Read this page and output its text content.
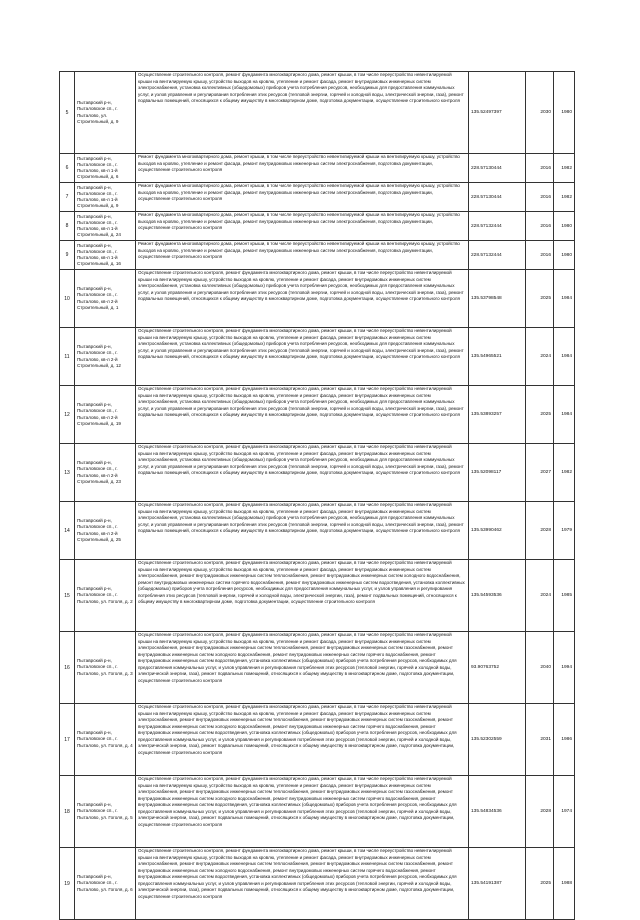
5	Пытаврский р-н, Пыталовское сп., г. Пыталово, ул. Строительный, д. 9	Осуществление строительного контроля, ремонт фундамента многоквартирного дома, ремонт крыши, в том числе переустройство невентилируемой крыши на вентилируемую крышу, устройство выходов на кровлю, утепление и ремонт фасада, ремонт внутридомовых инженерных систем электроснабжения, установка коллективных (общедомовых) приборов учета потребления ресурсов, необходимых для предоставления коммунальных услуг, и узлов управления и регулирования потребления этих ресурсов (тепловой энергии, горячей и холодной воды, электрической энергии, газа), ремонт подвальных помещений, относящихся к общему имуществу в многоквартирном доме, подготовка документации, осуществление строительного контроля	135.52497397	2030	1980
6	Пытаврский р-н, Пыталовское сп., г. Пыталово, кв-л 1-й Строительный, д. 6	Ремонт фундамента многоквартирного дома, ремонт крыши, в том числе переустройство невентилируемой крыши на вентилируемую крышу, устройство выходов на кровлю, утепление и ремонт фасада, ремонт внутридомовых инженерных систем электроснабжения, подготовка документации, осуществление строительного контроля	228.57130444	2016	1982
7	Пытаврский р-н, Пыталовское сп., г. Пыталово, кв-л 1-й Строительный, д. 9	Ремонт фундамента многоквартирного дома, ремонт крыши, в том числе переустройство невентилируемой крыши на вентилируемую крышу, устройство выходов на кровлю, утепление и ремонт фасада, ремонт внутридомовых инженерных систем электроснабжения, подготовка документации, осуществление строительного контроля	228.57130444	2016	1982
8	Пытаврский р-н, Пыталовское сп., г. Пыталово, кв-л 1-й Строительный, д. 24	Ремонт фундамента многоквартирного дома, ремонт крыши, в том числе переустройство невентилируемой крыши на вентилируемую крышу, устройство выходов на кровлю, утепление и ремонт фасада, ремонт внутридомовых инженерных систем электроснабжения, подготовка документации, осуществление строительного контроля	228.57132444	2016	1980
9	Пытаврский р-н, Пыталовское сп., г. Пыталово, кв-л 1-й Строительный, д. 16	Ремонт фундамента многоквартирного дома, ремонт крыши, в том числе переустройство невентилируемой крыши на вентилируемую крышу, устройство выходов на кровлю, утепление и ремонт фасада, ремонт внутридомовых инженерных систем электроснабжения, подготовка документации, осуществление строительного контроля	228.57132444	2016	1980
10	Пытаврский р-н, Пыталовское сп., г. Пыталово, кв-л 2-й Строительный, д. 1	Осуществление строительного контроля, ремонт фундамента многоквартирного дома, ремонт крыши, в том числе переустройство невентилируемой крыши на вентилируемую крышу, устройство выходов на кровлю, утепление и ремонт фасада, ремонт внутридомовых инженерных систем электроснабжения, установка коллективных (общедомовых) приборов учета потребления ресурсов, необходимых для предоставления коммунальных услуг, и узлов управления и регулирования потребления этих ресурсов (тепловой энергии, горячей и холодной воды, электрической энергии, газа), ремонт подвальных помещений, относящихся к общему имуществу в многоквартирном доме, подготовка документации, осуществление строительного контроля	135.53798548	2025	1984
11	Пытаврский р-н, Пыталовское сп., г. Пыталово, кв-л 2-й Строительный, д. 12	Осуществление строительного контроля, ремонт фундамента многоквартирного дома, ремонт крыши, в том числе переустройство невентилируемой крыши на вентилируемую крышу, устройство выходов на кровлю, утепление и ремонт фасада, ремонт внутридомовых инженерных систем электроснабжения, установка коллективных (общедомовых) приборов учета потребления ресурсов, необходимых для предоставления коммунальных услуг, и узлов управления и регулирования потребления этих ресурсов (тепловой энергии, горячей и холодной воды, электрической энергии, газа), ремонт подвальных помещений, относящихся к общему имуществу в многоквартирном доме, подготовка документации, осуществление строительного контроля	135.54965521	2024	1984
12	Пытаврский р-н, Пыталовское сп., г. Пыталово, кв-л 2-й Строительный, д. 19	Осуществление строительного контроля, ремонт фундамента многоквартирного дома, ремонт крыши, в том числе переустройство невентилируемой крыши на вентилируемую крышу, устройство выходов на кровлю, утепление и ремонт фасада, ремонт внутридомовых инженерных систем электроснабжения, установка коллективных (общедомовых) приборов учета потребления ресурсов, необходимых для предоставления коммунальных услуг, и узлов управления и регулирования потребления этих ресурсов (тепловой энергии, горячей и холодной воды, электрической энергии, газа), ремонт подвальных помещений, относящихся к общему имуществу в многоквартирном доме, подготовка документации, осуществление строительного контроля	135.53893257	2025	1984
13	Пытаврский р-н, Пыталовское сп., г. Пыталово, кв-л 2-й Строительный, д. 23	Осуществление строительного контроля, ремонт фундамента многоквартирного дома, ремонт крыши, в том числе переустройство невентилируемой крыши на вентилируемую крышу, устройство выходов на кровлю, утепление и ремонт фасада, ремонт внутридомовых инженерных систем электроснабжения, установка коллективных (общедомовых) приборов учета потребления ресурсов, необходимых для предоставления коммунальных услуг, и узлов управления и регулирования потребления этих ресурсов (тепловой энергии, горячей и холодной воды, электрической энергии, газа), ремонт подвальных помещений, относящихся к общему имуществу в многоквартирном доме, подготовка документации, осуществление строительного контроля	135.52098117	2027	1982
14	Пытаврский р-н, Пыталовское сп., г. Пыталово, кв-л 2-й Строительный, д. 25	Осуществление строительного контроля, ремонт фундамента многоквартирного дома, ремонт крыши, в том числе переустройство невентилируемой крыши на вентилируемую крышу, устройство выходов на кровлю, утепление и ремонт фасада, ремонт внутридомовых инженерных систем электроснабжения, установка коллективных (общедомовых) приборов учета потребления ресурсов, необходимых для предоставления коммунальных услуг, и узлов управления и регулирования потребления этих ресурсов (тепловой энергии, горячей и холодной воды, электрической энергии, газа), ремонт подвальных помещений, относящихся к общему имуществу в многоквартирном доме, подготовка документации, осуществление строительного контроля	135.53990462	2028	1979
15	Пытаврский р-н, Пыталовское сп., г. Пыталово, ул. Гоголя, д. 2	Осуществление строительного контроля, ремонт фундамента многоквартирного дома, ремонт крыши, в том числе переустройство невентилируемой крыши на вентилируемую крышу, устройство выходов на кровлю, утепление и ремонт фасада, ремонт внутридомовых инженерных систем электроснабжения, ремонт внутридомовых инженерных систем теплоснабжения, ремонт внутридомовых инженерных систем холодного водоснабжения, ремонт внутридомовых инженерных систем горячего водоснабжения, ремонт внутридомовых инженерных систем водоотведения, установка коллективных (общедомовых) приборов учета потребления ресурсов, необходимых для предоставления коммунальных услуг, и узлов управления и регулирования потребления этих ресурсов (тепловой энергии, горячей и холодной воды, электрической энергии, газа), ремонт подвальных помещений, относящихся к общему имуществу в многоквартирном доме, подготовка документации, осуществление строительного контроля	135.54593536	2024	1985
16	Пытаврский р-н, Пыталовское сп., г. Пыталово, ул. Гоголя, д. 3	Осуществление строительного контроля, ремонт фундамента многоквартирного дома, ремонт крыши, в том числе переустройство невентилируемой крыши на вентилируемую крышу, устройство выходов на кровлю, утепление и ремонт фасада, ремонт внутридомовых инженерных систем электроснабжения, ремонт внутридомовых инженерных систем теплоснабжения, ремонт внутридомовых инженерных систем газоснабжения, ремонт внутридомовых инженерных систем холодного водоснабжения, ремонт внутридомовых инженерных систем горячего водоснабжения, ремонт внутридомовых инженерных систем водоотведения, установка коллективных (общедомовых) приборов учета потребления ресурсов, необходимых для предоставления коммунальных услуг, и узлов управления и регулирования потребления этих ресурсов (тепловой энергии, горячей и холодной воды, электрической энергии, газа), ремонт подвальных помещений, относящихся к общему имуществу в многоквартирном доме, подготовка документации, осуществление строительного контроля	93.90763752	2040	1994
17	Пытаврский р-н, Пыталовское сп., г. Пыталово, ул. Гоголя, д. 4	Осуществление строительного контроля, ремонт фундамента многоквартирного дома, ремонт крыши, в том числе переустройство невентилируемой крыши на вентилируемую крышу, устройство выходов на кровлю, утепление и ремонт фасада, ремонт внутридомовых инженерных систем электроснабжения, ремонт внутридомовых инженерных систем теплоснабжения, ремонт внутридомовых инженерных систем газоснабжения, ремонт внутридомовых инженерных систем холодного водоснабжения, ремонт внутридомовых инженерных систем горячего водоснабжения, ремонт внутридомовых инженерных систем водоотведения, установка коллективных (общедомовых) приборов учета потребления ресурсов, необходимых для предоставления коммунальных услуг, и узлов управления и регулирования потребления этих ресурсов (тепловой энергии, горячей и холодной воды, электрической энергии, газа), ремонт подвальных помещений, относящихся к общему имуществу в многоквартирном доме, подготовка документации, осуществление строительного контроля	135.52302559	2031	1986
18	Пытаврский р-н, Пыталовское сп., г. Пыталово, ул. Гоголя, д. 5	Осуществление строительного контроля, ремонт фундамента многоквартирного дома, ремонт крыши, в том числе переустройство невентилируемой крыши на вентилируемую крышу, устройство выходов на кровлю, утепление и ремонт фасада, ремонт внутридомовых инженерных систем электроснабжения, ремонт внутридомовых инженерных систем теплоснабжения, ремонт внутридомовых инженерных систем газоснабжения, ремонт внутридомовых инженерных систем холодного водоснабжения, ремонт внутридомовых инженерных систем горячего водоснабжения, ремонт внутридомовых инженерных систем водоотведения, установка коллективных (общедомовых) приборов учета потребления ресурсов, необходимых для предоставления коммунальных услуг, и узлов управления и регулирования потребления этих ресурсов (тепловой энергии, горячей и холодной воды, электрической энергии, газа), ремонт подвальных помещений, относящихся к общему имуществу в многоквартирном доме, подготовка документации, осуществление строительного контроля	135.54834536	2028	1974
19	Пытаврский р-н, Пыталовское сп., г. Пыталово, ул. Гоголя, д. 6	Осуществление строительного контроля, ремонт фундамента многоквартирного дома, ремонт крыши, в том числе переустройство невентилируемой крыши на вентилируемую крышу, устройство выходов на кровлю, утепление и ремонт фасада, ремонт внутридомовых инженерных систем электроснабжения, ремонт внутридомовых инженерных систем теплоснабжения, ремонт внутридомовых инженерных систем газоснабжения, ремонт внутридомовых инженерных систем холодного водоснабжения, ремонт внутридомовых инженерных систем горячего водоснабжения, ремонт внутридомовых инженерных систем водоотведения, установка коллективных (общедомовых) приборов учета потребления ресурсов, необходимых для предоставления коммунальных услуг, и узлов управления и регулирования потребления этих ресурсов (тепловой энергии, горячей и холодной воды, электрической энергии, газа), ремонт подвальных помещений, относящихся к общему имуществу в многоквартирном доме, подготовка документации, осуществление строительного контроля	135.54191387	2025	1988
